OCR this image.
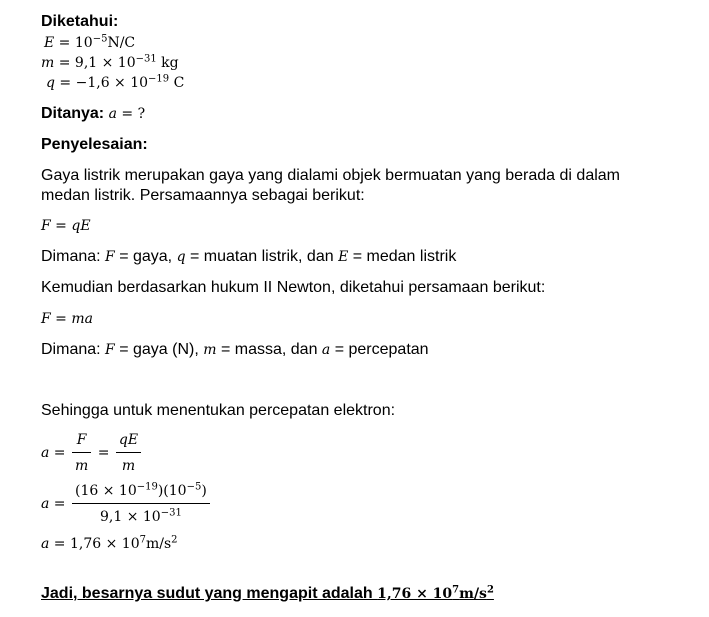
Diketahui:
$E = 10^{-5}N/C$
$m = 9,1 \times 10^{-31}$ kg
$q = -1,6 \times 10^{-19}$ C
Ditanya: a = ?
Penyelesaian:
Gaya listrik merupakan gaya yang dialami objek bermuatan yang berada di dalam
medan listrik. Persamaannya sebagai berikut:
F = qE
Dimana: F = gaya, q = muatan listrik, dan E = medan listrik
Kemudian berdasarkan hukum II Newton, diketahui persamaan berikut:
F = ma
Dimana: F = gaya (N), m = massa, dan a = percepatan
Sehingga untuk menentukan percepatan elektron:
$a = \frac{F}{m} = \frac{qE}{m}$
$a = \frac{(16 \times 10^{-19})(10^{-5})}{9,1 \times 10^{-31}}$
$a = 1,76 \times 10^7m/s^2$
Jadi, besarnya sudut yang mengapit adalah $1,76 \times 10^7m/s^2$
